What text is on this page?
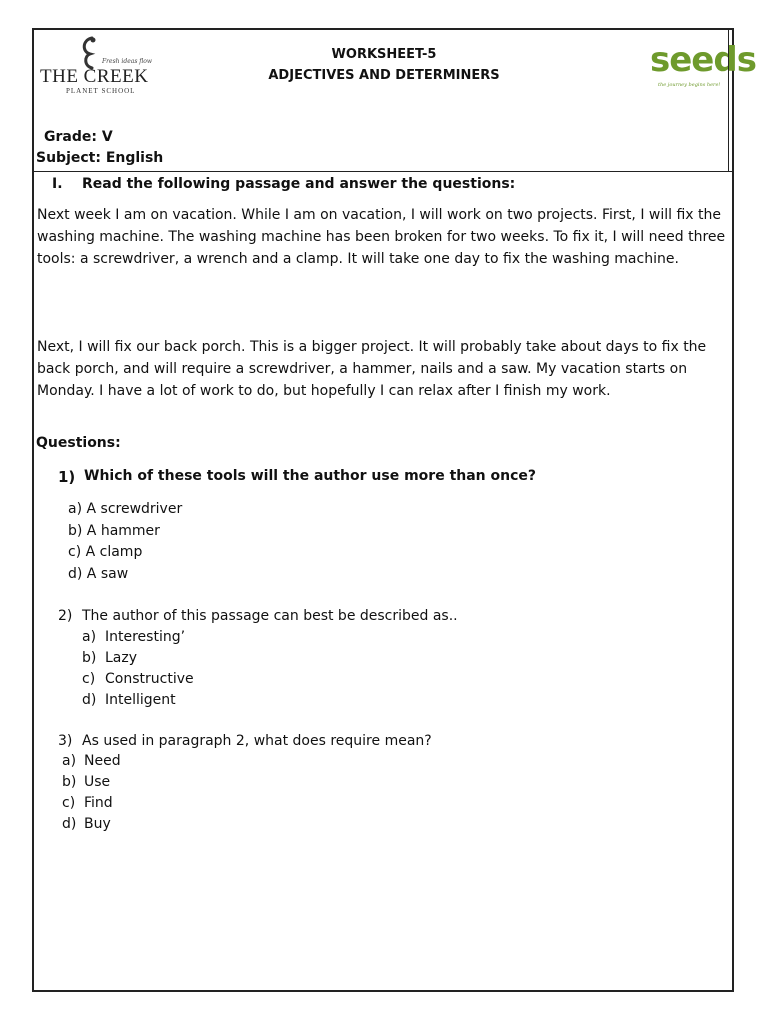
Fresh ideas flow
THE CREEK
PLANET SCHOOL
WORKSHEET-5
ADJECTIVES AND DETERMINERS	seeds
the journey begins here!
Grade: V
Subject: English
I. Read the following passage and answer the questions:
Next week I am on vacation. While I am on vacation, I will work on two projects. First, I will fix the washing machine. The washing machine has been broken for two weeks. To fix it, I will need three tools: a screwdriver, a wrench and a clamp. It will take one day to fix the washing machine.
Next, I will fix our back porch. This is a bigger project. It will probably take about days to fix the back porch, and will require a screwdriver, a hammer, nails and a saw. My vacation starts on Monday. I have a lot of work to do, but hopefully I can relax after I finish my work.
Questions:
1) Which of these tools will the author use more than once?
a) A screwdriver
b) A hammer
c) A clamp
d) A saw
2) The author of this passage can best be described as..
a) Interesting’
b) Lazy
c) Constructive
d) Intelligent
3) As used in paragraph 2, what does require mean?
a) Need
b) Use
c) Find
d) Buy
